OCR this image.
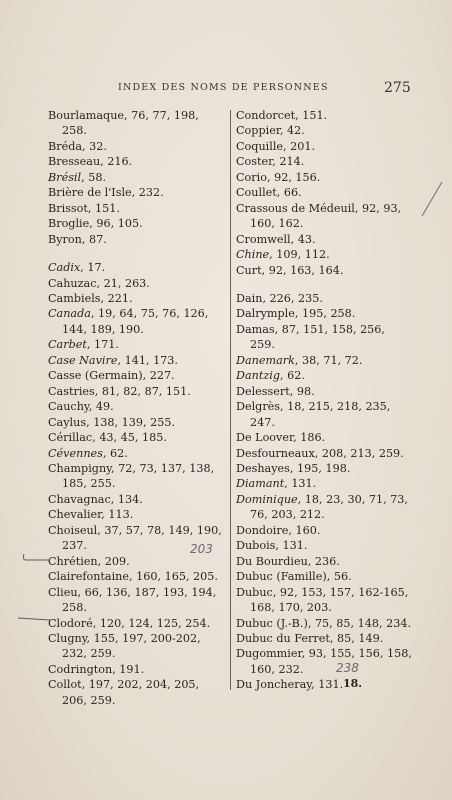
INDEX DES NOMS DE PERSONNES	275
Bourlamaque, 76, 77, 198, 258.
Bréda, 32.
Bresseau, 216.
Brésil, 58.
Brière de l'Isle, 232.
Brissot, 151.
Broglie, 96, 105.
Byron, 87.
Cadix, 17.
Cahuzac, 21, 263.
Cambiels, 221.
Canada, 19, 64, 75, 76, 126, 144, 189, 190.
Carbet, 171.
Case Navire, 141, 173.
Casse (Germain), 227.
Castries, 81, 82, 87, 151.
Cauchy, 49.
Caylus, 138, 139, 255.
Cérillac, 43, 45, 185.
Cévennes, 62.
Champigny, 72, 73, 137, 138, 185, 255.
Chavagnac, 134.
Chevalier, 113.
Choiseul, 37, 57, 78, 149, 190, 237.
Chrétien, 209.
Clairefontaine, 160, 165, 205.
Clieu, 66, 136, 187, 193, 194, 258.
Clodoré, 120, 124, 125, 254.
Clugny, 155, 197, 200-202, 232, 259.
Codrington, 191.
Collot, 197, 202, 204, 205, 206, 259.
Condorcet, 151.
Coppier, 42.
Coquille, 201.
Coster, 214.
Corio, 92, 156.
Coullet, 66.
Crassous de Médeuil, 92, 93, 160, 162.
Cromwell, 43.
Chine, 109, 112.
Curt, 92, 163, 164.
Dain, 226, 235.
Dalrymple, 195, 258.
Damas, 87, 151, 158, 256, 259.
Danemark, 38, 71, 72.
Dantzig, 62.
Delessert, 98.
Delgrès, 18, 215, 218, 235, 247.
De Loover, 186.
Desfourneaux, 208, 213, 259.
Deshayes, 195, 198.
Diamant, 131.
Dominique, 18, 23, 30, 71, 73, 76, 203, 212.
Dondoire, 160.
Dubois, 131.
Du Bourdieu, 236.
Dubuc (Famille), 56.
Dubuc, 92, 153, 157, 162-165, 168, 170, 203.
Dubuc (J.-B.), 75, 85, 148, 234.
Dubuc du Ferret, 85, 149.
Dugommier, 93, 155, 156, 158, 160, 232.
Du Joncheray, 131. 18.
203
238
